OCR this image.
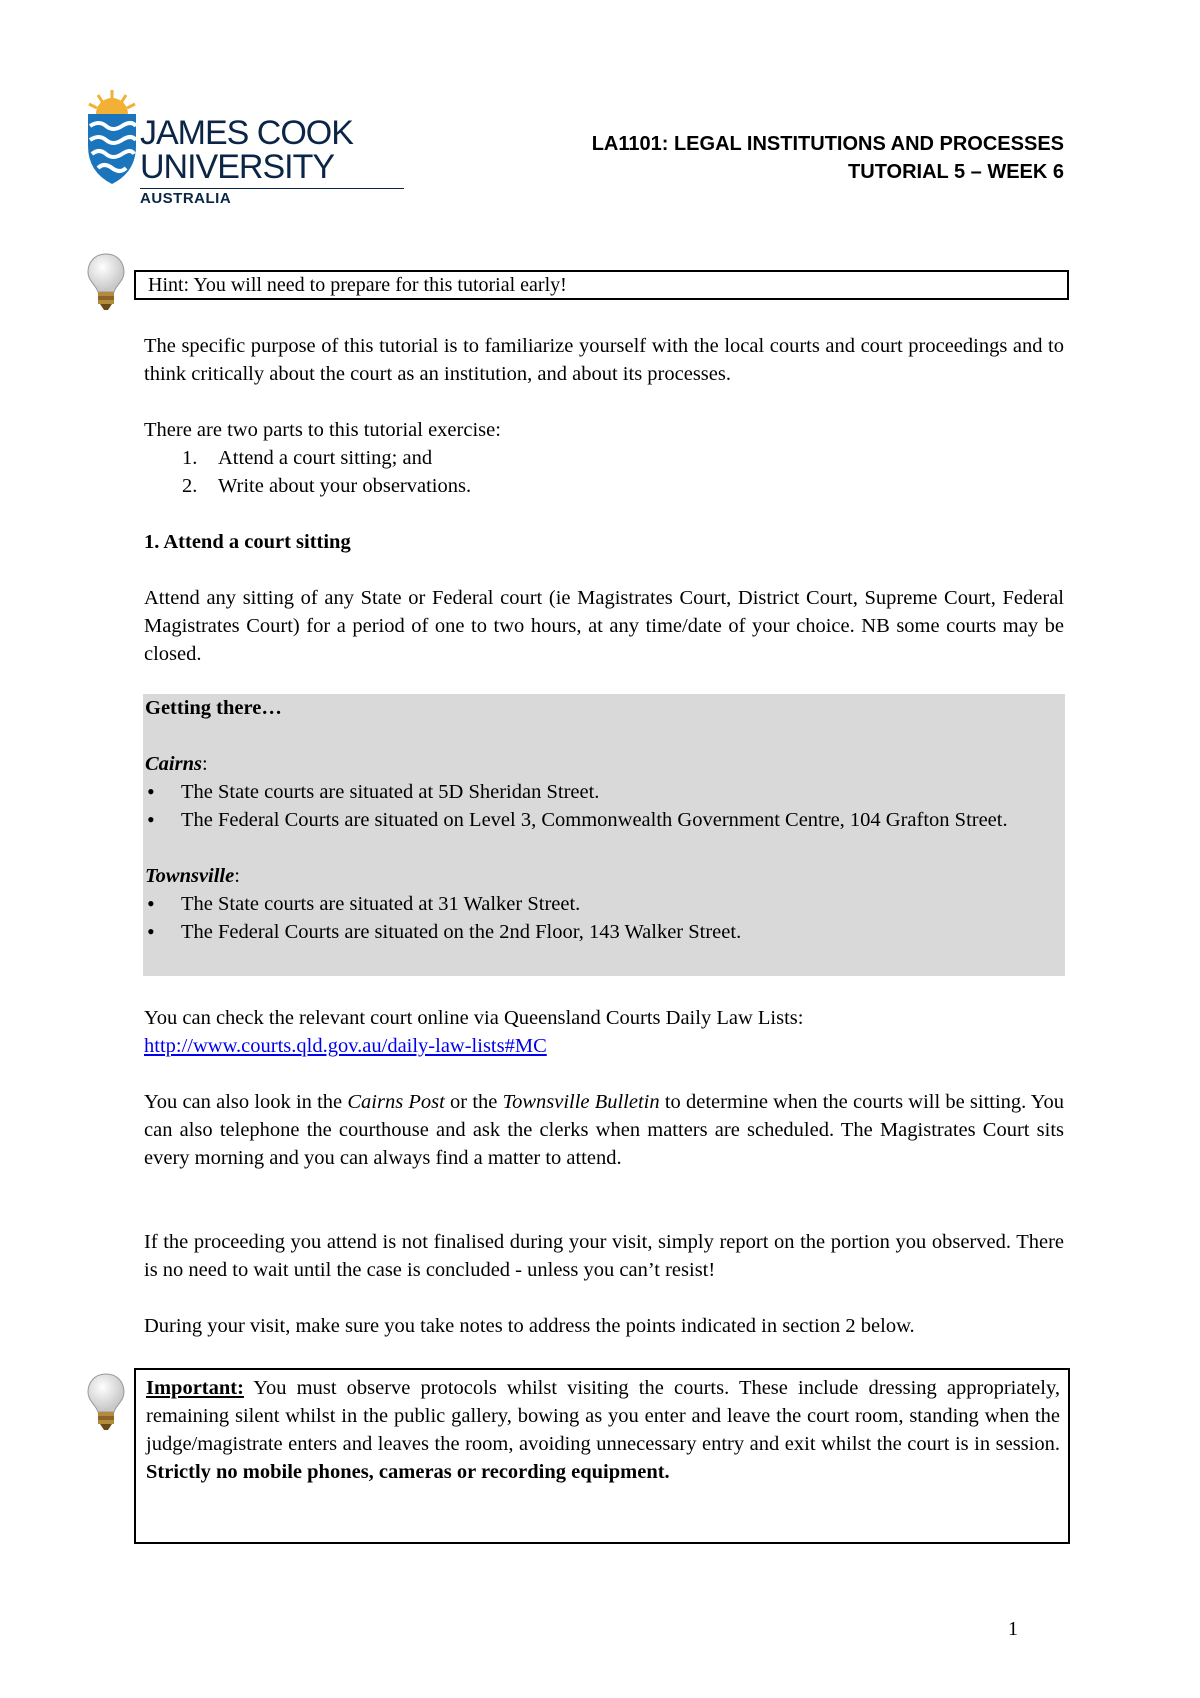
JAMES COOK
UNIVERSITY
AUSTRALIA
LA1101: LEGAL INSTITUTIONS AND PROCESSES
TUTORIAL 5 – WEEK 6
Hint: You will need to prepare for this tutorial early!

The specific purpose of this tutorial is to familiarize yourself with the local courts and court proceedings and to think critically about the court as an institution, and about its processes.

There are two parts to this tutorial exercise:

1. Attend a court sitting; and
2. Write about your observations.
1. Attend a court sitting

Attend any sitting of any State or Federal court (ie Magistrates Court, District Court, Supreme Court, Federal Magistrates Court) for a period of one to two hours, at any time/date of your choice. NB some courts may be closed.

Getting there…
Cairns:
• The State courts are situated at 5D Sheridan Street.
• The Federal Courts are situated on Level 3, Commonwealth Government Centre, 104 Grafton Street.
Townsville:
• The State courts are situated at 31 Walker Street.
• The Federal Courts are situated on the 2nd Floor, 143 Walker Street.

You can check the relevant court online via Queensland Courts Daily Law Lists:

http://www.courts.qld.gov.au/daily-law-lists#MC

You can also look in the Cairns Post or the Townsville Bulletin to determine when the courts will be sitting. You can also telephone the courthouse and ask the clerks when matters are scheduled. The Magistrates Court sits every morning and you can always find a matter to attend.

If the proceeding you attend is not finalised during your visit, simply report on the portion you observed. There is no need to wait until the case is concluded - unless you can’t resist!

During your visit, make sure you take notes to address the points indicated in section 2 below.

Important: You must observe protocols whilst visiting the courts. These include dressing appropriately, remaining silent whilst in the public gallery, bowing as you enter and leave the court room, standing when the judge/magistrate enters and leaves the room, avoiding unnecessary entry and exit whilst the court is in session. Strictly no mobile phones, cameras or recording equipment.
1
